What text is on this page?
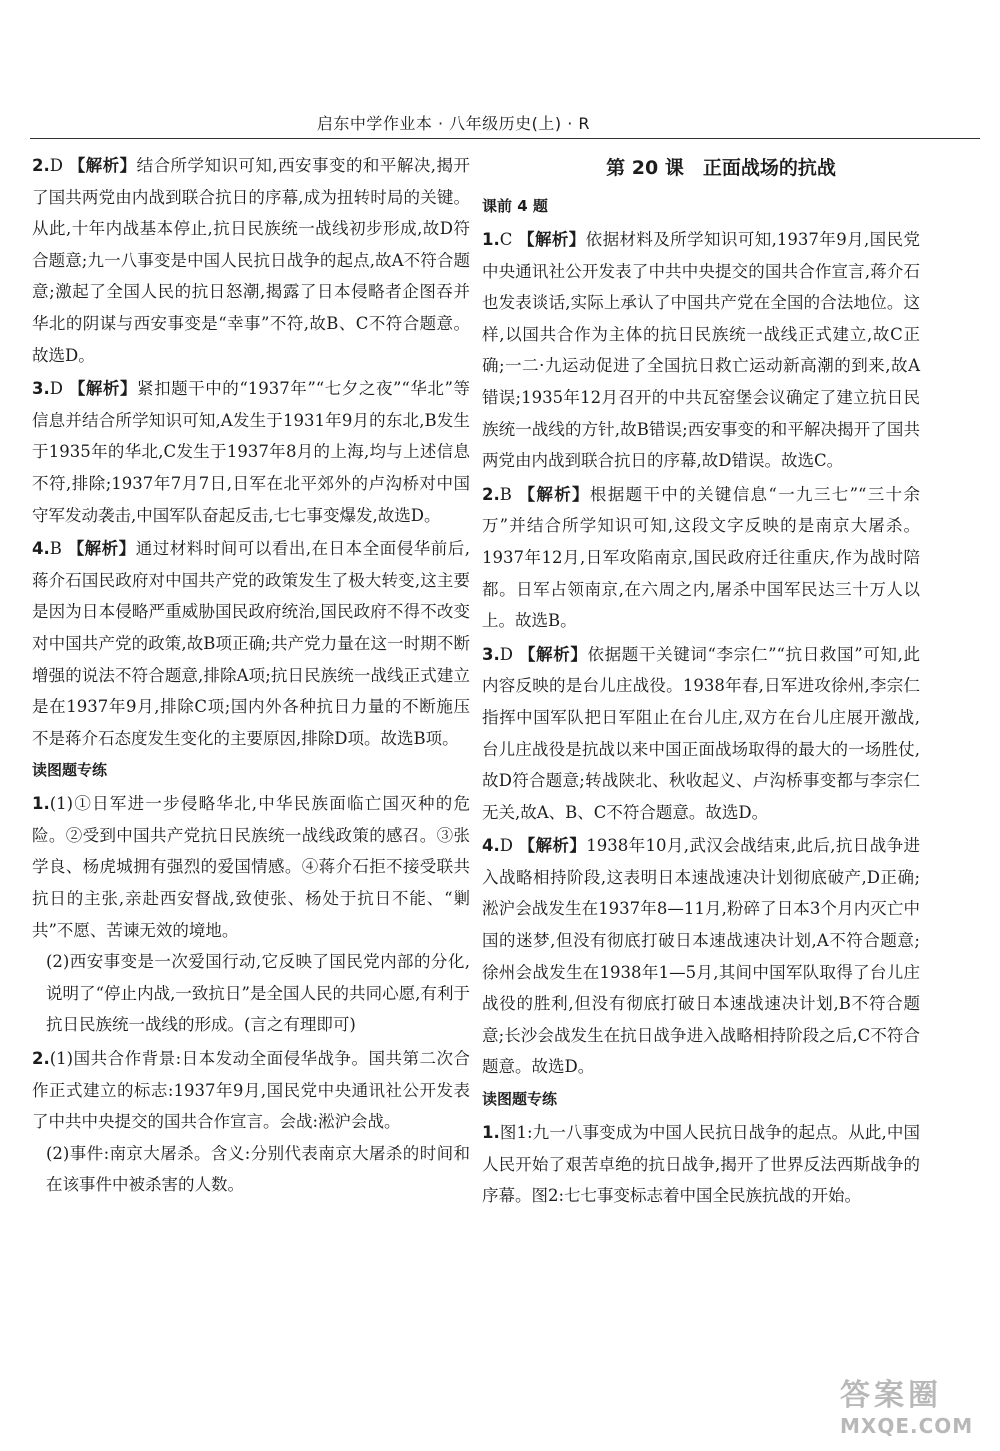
启东中学作业本 · 八年级历史(上) · R
2.D 【解析】结合所学知识可知,西安事变的和平解决,揭开了国共两党由内战到联合抗日的序幕,成为扭转时局的关键。从此,十年内战基本停止,抗日民族统一战线初步形成,故D符合题意;九一八事变是中国人民抗日战争的起点,故A不符合题意;激起了全国人民的抗日怒潮,揭露了日本侵略者企图吞并华北的阴谋与西安事变是“幸事”不符,故B、C不符合题意。故选D。
3.D 【解析】紧扣题干中的“1937年”“七夕之夜”“华北”等信息并结合所学知识可知,A发生于1931年9月的东北,B发生于1935年的华北,C发生于1937年8月的上海,均与上述信息不符,排除;1937年7月7日,日军在北平郊外的卢沟桥对中国守军发动袭击,中国军队奋起反击,七七事变爆发,故选D。
4.B 【解析】通过材料时间可以看出,在日本全面侵华前后,蒋介石国民政府对中国共产党的政策发生了极大转变,这主要是因为日本侵略严重威胁国民政府统治,国民政府不得不改变对中国共产党的政策,故B项正确;共产党力量在这一时期不断增强的说法不符合题意,排除A项;抗日民族统一战线正式建立是在1937年9月,排除C项;国内外各种抗日力量的不断施压不是蒋介石态度发生变化的主要原因,排除D项。故选B项。
读图题专练
1.(1)①日军进一步侵略华北,中华民族面临亡国灭种的危险。②受到中国共产党抗日民族统一战线政策的感召。③张学良、杨虎城拥有强烈的爱国情感。④蒋介石拒不接受联共抗日的主张,亲赴西安督战,致使张、杨处于抗日不能、“剿共”不愿、苦谏无效的境地。

(2)西安事变是一次爱国行动,它反映了国民党内部的分化,说明了“停止内战,一致抗日”是全国人民的共同心愿,有利于抗日民族统一战线的形成。(言之有理即可)

2.(1)国共合作背景:日本发动全面侵华战争。国共第二次合作正式建立的标志:1937年9月,国民党中央通讯社公开发表了中共中央提交的国共合作宣言。会战:淞沪会战。

(2)事件:南京大屠杀。含义:分别代表南京大屠杀的时间和在该事件中被杀害的人数。

第 20 课　正面战场的抗战
课前 4 题
1.C 【解析】依据材料及所学知识可知,1937年9月,国民党中央通讯社公开发表了中共中央提交的国共合作宣言,蒋介石也发表谈话,实际上承认了中国共产党在全国的合法地位。这样,以国共合作为主体的抗日民族统一战线正式建立,故C正确;一二·九运动促进了全国抗日救亡运动新高潮的到来,故A错误;1935年12月召开的中共瓦窑堡会议确定了建立抗日民族统一战线的方针,故B错误;西安事变的和平解决揭开了国共两党由内战到联合抗日的序幕,故D错误。故选C。
2.B 【解析】根据题干中的关键信息“一九三七”“三十余万”并结合所学知识可知,这段文字反映的是南京大屠杀。1937年12月,日军攻陷南京,国民政府迁往重庆,作为战时陪都。日军占领南京,在六周之内,屠杀中国军民达三十万人以上。故选B。
3.D 【解析】依据题干关键词“李宗仁”“抗日救国”可知,此内容反映的是台儿庄战役。1938年春,日军进攻徐州,李宗仁指挥中国军队把日军阻止在台儿庄,双方在台儿庄展开激战,台儿庄战役是抗战以来中国正面战场取得的最大的一场胜仗,故D符合题意;转战陕北、秋收起义、卢沟桥事变都与李宗仁无关,故A、B、C不符合题意。故选D。
4.D 【解析】1938年10月,武汉会战结束,此后,抗日战争进入战略相持阶段,这表明日本速战速决计划彻底破产,D正确;淞沪会战发生在1937年8—11月,粉碎了日本3个月内灭亡中国的迷梦,但没有彻底打破日本速战速决计划,A不符合题意;徐州会战发生在1938年1—5月,其间中国军队取得了台儿庄战役的胜利,但没有彻底打破日本速战速决计划,B不符合题意;长沙会战发生在抗日战争进入战略相持阶段之后,C不符合题意。故选D。
读图题专练
1.图1:九一八事变成为中国人民抗日战争的起点。从此,中国人民开始了艰苦卓绝的抗日战争,揭开了世界反法西斯战争的序幕。图2:七七事变标志着中国全民族抗战的开始。
答案圈
MXQE.COM
